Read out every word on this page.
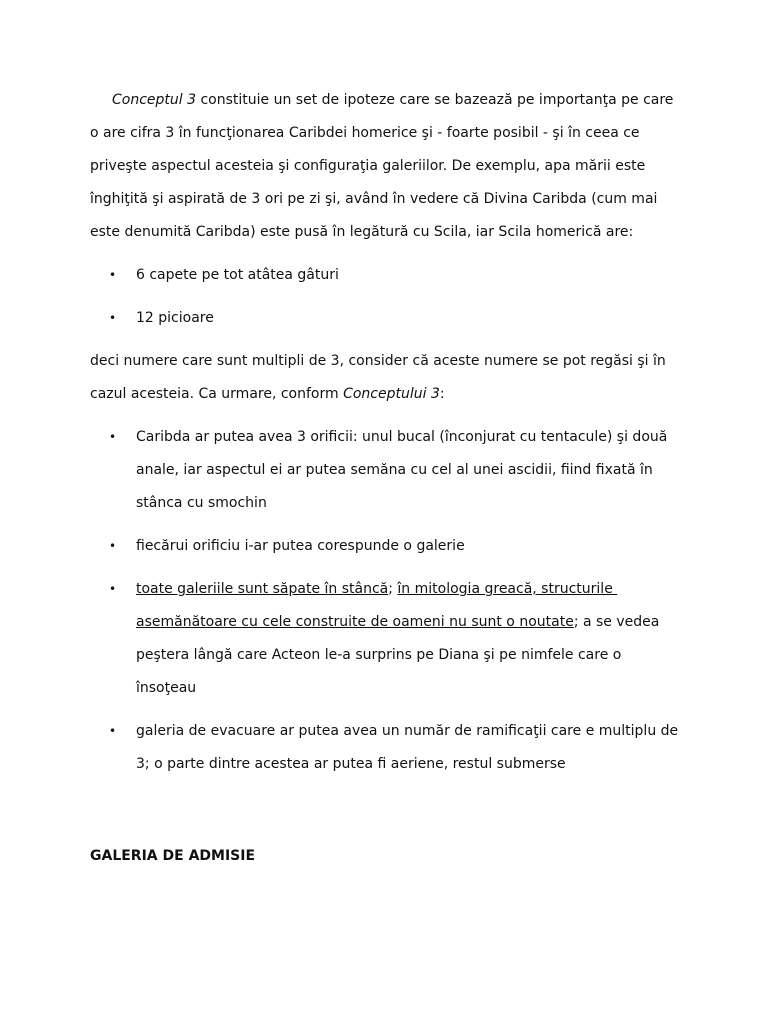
Conceptul 3 constituie un set de ipoteze care se bazează pe importanţa pe care
o are cifra 3 în funcţionarea Caribdei homerice şi - foarte posibil - şi în ceea ce
priveşte aspectul acesteia şi configuraţia galeriilor. De exemplu, apa mării este
înghiţită şi aspirată de 3 ori pe zi şi, având în vedere că Divina Caribda (cum mai
este denumită Caribda) este pusă în legătură cu Scila, iar Scila homerică are:

• 6 capete pe tot atâtea gâturi
• 12 picioare

deci numere care sunt multipli de 3, consider că aceste numere se pot regăsi şi în
cazul acesteia. Ca urmare, conform Conceptului 3:

• Caribda ar putea avea 3 orificii: unul bucal (înconjurat cu tentacule) şi două
anale, iar aspectul ei ar putea semăna cu cel al unei ascidii, fiind fixată în
stânca cu smochin
• fiecărui orificiu i-ar putea corespunde o galerie
• toate galeriile sunt săpate în stâncă; în mitologia greacă, structurile
asemănătoare cu cele construite de oameni nu sunt o noutate; a se vedea
peştera lângă care Acteon le-a surprins pe Diana şi pe nimfele care o
însoţeau
• galeria de evacuare ar putea avea un număr de ramificaţii care e multiplu de
3; o parte dintre acestea ar putea fi aeriene, restul submerse
GALERIA DE ADMISIE
